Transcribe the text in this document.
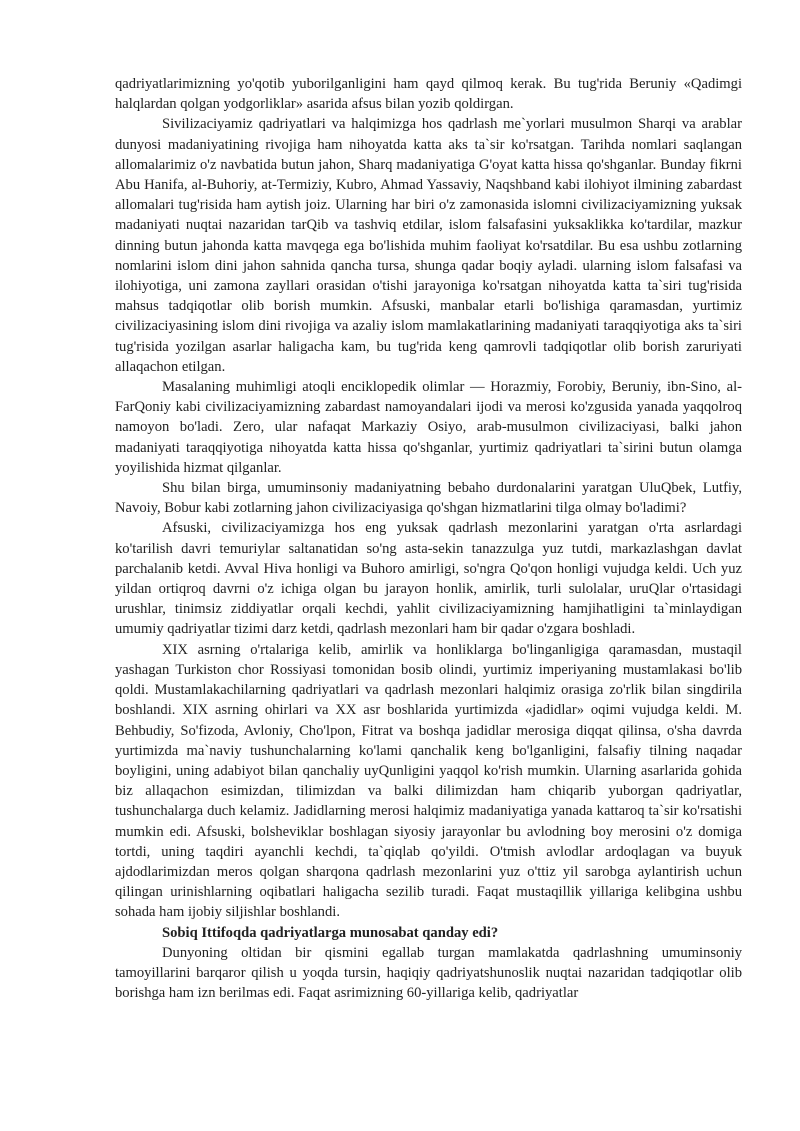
qadriyatlarimizning yo'qotib yuborilganligini ham qayd qilmoq kerak. Bu tug'rida Beruniy «Qadimgi halqlardan qolgan yodgorliklar» asarida afsus bilan yozib qoldirgan.

Sivilizaciyamiz qadriyatlari va halqimizga hos qadrlash me`yorlari musulmon Sharqi va arablar dunyosi madaniyatining rivojiga ham nihoyatda katta aks ta`sir ko'rsatgan. Tarihda nomlari saqlangan allomalarimiz o'z navbatida butun jahon, Sharq madaniyatiga G'oyat katta hissa qo'shganlar. Bunday fikrni Abu Hanifa, al-Buhoriy, at-Termiziy, Kubro, Ahmad Yassaviy, Naqshband kabi ilohiyot ilmining zabardast allomalari tug'risida ham aytish joiz. Ularning har biri o'z zamonasida islomni civilizaciyamizning yuksak madaniyati nuqtai nazaridan tarQib va tashviq etdilar, islom falsafasini yuksaklikka ko'tardilar, mazkur dinning butun jahonda katta mavqega ega bo'lishida muhim faoliyat ko'rsatdilar. Bu esa ushbu zotlarning nomlarini islom dini jahon sahnida qancha tursa, shunga qadar boqiy ayladi. ularning islom falsafasi va ilohiyotiga, uni zamona zayllari orasidan o'tishi jarayoniga ko'rsatgan nihoyatda katta ta`siri tug'risida mahsus tadqiqotlar olib borish mumkin. Afsuski, manbalar etarli bo'lishiga qaramasdan, yurtimiz civilizaciyasining islom dini rivojiga va azaliy islom mamlakatlarining madaniyati taraqqiyotiga aks ta`siri tug'risida yozilgan asarlar haligacha kam, bu tug'rida keng qamrovli tadqiqotlar olib borish zaruriyati allaqachon etilgan.

Masalaning muhimligi atoqli enciklopedik olimlar — Horazmiy, Forobiy, Beruniy, ibn-Sino, al-FarQoniy kabi civilizaciyamizning zabardast namoyandalari ijodi va merosi ko'zgusida yanada yaqqolroq namoyon bo'ladi. Zero, ular nafaqat Markaziy Osiyo, arab-musulmon civilizaciyasi, balki jahon madaniyati taraqqiyotiga nihoyatda katta hissa qo'shganlar, yurtimiz qadriyatlari ta`sirini butun olamga yoyilishida hizmat qilganlar.

Shu bilan birga, umuminsoniy madaniyatning bebaho durdonalarini yaratgan UluQbek, Lutfiy, Navoiy, Bobur kabi zotlarning jahon civilizaciyasiga qo'shgan hizmatlarini tilga olmay bo'ladimi?

Afsuski, civilizaciyamizga hos eng yuksak qadrlash mezonlarini yaratgan o'rta asrlardagi ko'tarilish davri temuriylar saltanatidan so'ng asta-sekin tanazzulga yuz tutdi, markazlashgan davlat parchalanib ketdi. Avval Hiva honligi va Buhoro amirligi, so'ngra Qo'qon honligi vujudga keldi. Uch yuz yildan ortiqroq davrni o'z ichiga olgan bu jarayon honlik, amirlik, turli sulolalar, uruQlar o'rtasidagi urushlar, tinimsiz ziddiyatlar orqali kechdi, yahlit civilizaciyamizning hamjihatligini ta`minlaydigan umumiy qadriyatlar tizimi darz ketdi, qadrlash mezonlari ham bir qadar o'zgara boshladi.

XIX asrning o'rtalariga kelib, amirlik va honliklarga bo'linganligiga qaramasdan, mustaqil yashagan Turkiston chor Rossiyasi tomonidan bosib olindi, yurtimiz imperiyaning mustamlakasi bo'lib qoldi. Mustamlakachilarning qadriyatlari va qadrlash mezonlari halqimiz orasiga zo'rlik bilan singdirila boshlandi. XIX asrning ohirlari va XX asr boshlarida yurtimizda «jadidlar» oqimi vujudga keldi. M. Behbudiy, So'fizoda, Avloniy, Cho'lpon, Fitrat va boshqa jadidlar merosiga diqqat qilinsa, o'sha davrda yurtimizda ma`naviy tushunchalarning ko'lami qanchalik keng bo'lganligini, falsafiy tilning naqadar boyligini, uning adabiyot bilan qanchaliy uyQunligini yaqqol ko'rish mumkin. Ularning asarlarida gohida biz allaqachon esimizdan, tilimizdan va balki dilimizdan ham chiqarib yuborgan qadriyatlar, tushunchalarga duch kelamiz. Jadidlarning merosi halqimiz madaniyatiga yanada kattaroq ta`sir ko'rsatishi mumkin edi. Afsuski, bolsheviklar boshlagan siyosiy jarayonlar bu avlodning boy merosini o'z domiga tortdi, uning taqdiri ayanchli kechdi, ta`qiqlab qo'yildi. O'tmish avlodlar ardoqlagan va buyuk ajdodlarimizdan meros qolgan sharqona qadrlash mezonlarini yuz o'ttiz yil sarobga aylantirish uchun qilingan urinishlarning oqibatlari haligacha sezilib turadi. Faqat mustaqillik yillariga kelibgina ushbu sohada ham ijobiy siljishlar boshlandi.

Sobiq Ittifoqda qadriyatlarga munosabat qanday edi?

Dunyoning oltidan bir qismini egallab turgan mamlakatda qadrlashning umuminsoniy tamoyillarini barqaror qilish u yoqda tursin, haqiqiy qadriyatshunoslik nuqtai nazaridan tadqiqotlar olib borishga ham izn berilmas edi. Faqat asrimizning 60-yillariga kelib, qadriyatlar
